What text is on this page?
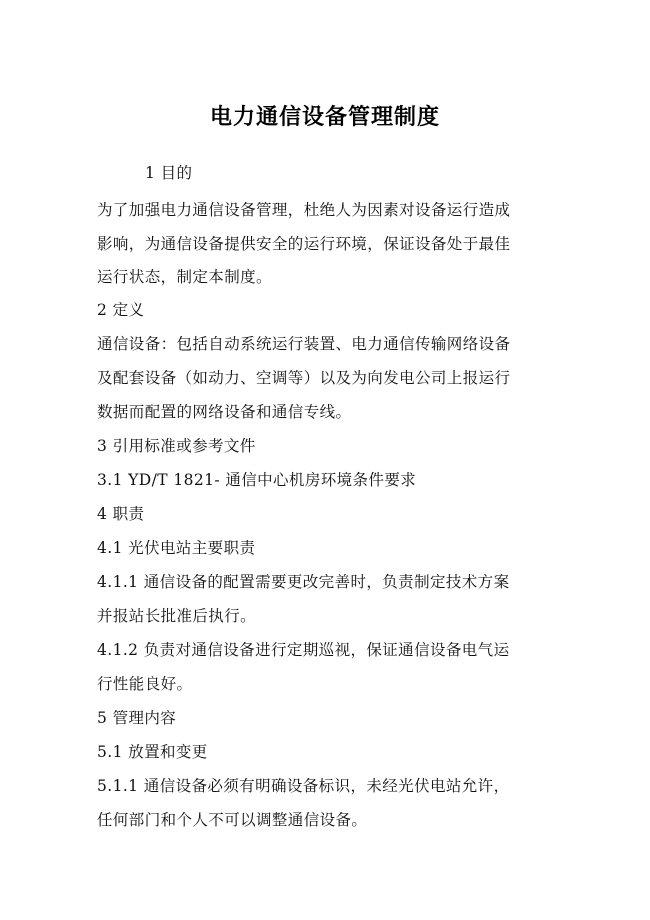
电力通信设备管理制度
1 目的
为了加强电力通信设备管理，杜绝人为因素对设备运行造成
影响，为通信设备提供安全的运行环境，保证设备处于最佳
运行状态，制定本制度。
2 定义
通信设备：包括自动系统运行装置、电力通信传输网络设备
及配套设备（如动力、空调等）以及为向发电公司上报运行
数据而配置的网络设备和通信专线。
3 引用标准或参考文件
3.1 YD/T 1821- 通信中心机房环境条件要求
4 职责
4.1 光伏电站主要职责
4.1.1 通信设备的配置需要更改完善时，负责制定技术方案
并报站长批准后执行。
4.1.2 负责对通信设备进行定期巡视，保证通信设备电气运
行性能良好。
5 管理内容
5.1 放置和变更
5.1.1 通信设备必须有明确设备标识，未经光伏电站允许，
任何部门和个人不可以调整通信设备。
